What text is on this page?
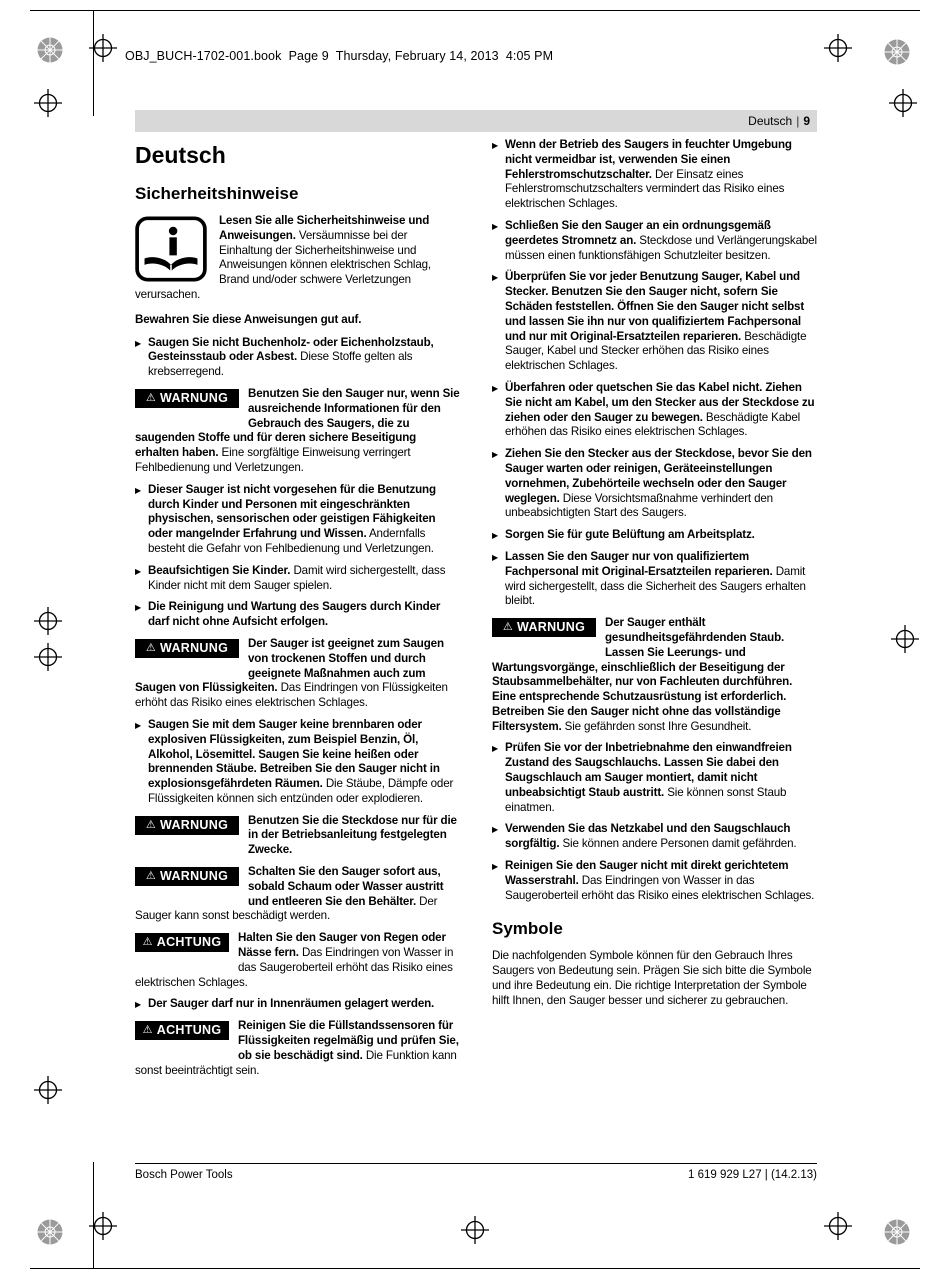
OBJ_BUCH-1702-001.book  Page 9  Thursday, February 14, 2013  4:05 PM
Deutsch | 9
Deutsch
Sicherheitshinweise
Lesen Sie alle Sicherheitshinweise und Anweisungen. Versäumnisse bei der Einhaltung der Sicherheitshinweise und Anweisungen können elektrischen Schlag, Brand und/oder schwere Verletzungen verursachen.
Bewahren Sie diese Anweisungen gut auf.
▶ Saugen Sie nicht Buchenholz- oder Eichenholzstaub, Gesteinsstaub oder Asbest. Diese Stoffe gelten als krebserregend.
⚠ WARNUNG Benutzen Sie den Sauger nur, wenn Sie ausreichende Informationen für den Gebrauch des Saugers, die zu saugenden Stoffe und für deren sichere Beseitigung erhalten haben. Eine sorgfältige Einweisung verringert Fehlbedienung und Verletzungen.
▶ Dieser Sauger ist nicht vorgesehen für die Benutzung durch Kinder und Personen mit eingeschränkten physischen, sensorischen oder geistigen Fähigkeiten oder mangelnder Erfahrung und Wissen. Andernfalls besteht die Gefahr von Fehlbedienung und Verletzungen.
▶ Beaufsichtigen Sie Kinder. Damit wird sichergestellt, dass Kinder nicht mit dem Sauger spielen.
▶ Die Reinigung und Wartung des Saugers durch Kinder darf nicht ohne Aufsicht erfolgen.
⚠ WARNUNG Der Sauger ist geeignet zum Saugen von trockenen Stoffen und durch geeignete Maßnahmen auch zum Saugen von Flüssigkeiten. Das Eindringen von Flüssigkeiten erhöht das Risiko eines elektrischen Schlages.
▶ Saugen Sie mit dem Sauger keine brennbaren oder explosiven Flüssigkeiten, zum Beispiel Benzin, Öl, Alkohol, Lösemittel. Saugen Sie keine heißen oder brennenden Stäube. Betreiben Sie den Sauger nicht in explosionsgefährdeten Räumen. Die Stäube, Dämpfe oder Flüssigkeiten können sich entzünden oder explodieren.
⚠ WARNUNG Benutzen Sie die Steckdose nur für die in der Betriebsanleitung festgelegten Zwecke.
⚠ WARNUNG Schalten Sie den Sauger sofort aus, sobald Schaum oder Wasser austritt und entleeren Sie den Behälter. Der Sauger kann sonst beschädigt werden.
⚠ ACHTUNG Halten Sie den Sauger von Regen oder Nässe fern. Das Eindringen von Wasser in das Saugeroberteil erhöht das Risiko eines elektrischen Schlages.
▶ Der Sauger darf nur in Innenräumen gelagert werden.
⚠ ACHTUNG Reinigen Sie die Füllstandssensoren für Flüssigkeiten regelmäßig und prüfen Sie, ob sie beschädigt sind. Die Funktion kann sonst beeinträchtigt sein.
▶ Wenn der Betrieb des Saugers in feuchter Umgebung nicht vermeidbar ist, verwenden Sie einen Fehlerstromschutzschalter. Der Einsatz eines Fehlerstromschutzschalters vermindert das Risiko eines elektrischen Schlages.
▶ Schließen Sie den Sauger an ein ordnungsgemäß geerdetes Stromnetz an. Steckdose und Verlängerungskabel müssen einen funktionsfähigen Schutzleiter besitzen.
▶ Überprüfen Sie vor jeder Benutzung Sauger, Kabel und Stecker. Benutzen Sie den Sauger nicht, sofern Sie Schäden feststellen. Öffnen Sie den Sauger nicht selbst und lassen Sie ihn nur von qualifiziertem Fachpersonal und nur mit Original-Ersatzteilen reparieren. Beschädigte Sauger, Kabel und Stecker erhöhen das Risiko eines elektrischen Schlages.
▶ Überfahren oder quetschen Sie das Kabel nicht. Ziehen Sie nicht am Kabel, um den Stecker aus der Steckdose zu ziehen oder den Sauger zu bewegen. Beschädigte Kabel erhöhen das Risiko eines elektrischen Schlages.
▶ Ziehen Sie den Stecker aus der Steckdose, bevor Sie den Sauger warten oder reinigen, Geräteeinstellungen vornehmen, Zubehörteile wechseln oder den Sauger weglegen. Diese Vorsichtsmaßnahme verhindert den unbeabsichtigten Start des Saugers.
▶ Sorgen Sie für gute Belüftung am Arbeitsplatz.
▶ Lassen Sie den Sauger nur von qualifiziertem Fachpersonal mit Original-Ersatzteilen reparieren. Damit wird sichergestellt, dass die Sicherheit des Saugers erhalten bleibt.
⚠ WARNUNG Der Sauger enthält gesundheitsgefährdenden Staub. Lassen Sie Leerungs- und Wartungsvorgänge, einschließlich der Beseitigung der Staubsammelbehälter, nur von Fachleuten durchführen. Eine entsprechende Schutzausrüstung ist erforderlich. Betreiben Sie den Sauger nicht ohne das vollständige Filtersystem. Sie gefährden sonst Ihre Gesundheit.
▶ Prüfen Sie vor der Inbetriebnahme den einwandfreien Zustand des Saugschlauchs. Lassen Sie dabei den Saugschlauch am Sauger montiert, damit nicht unbeabsichtigt Staub austritt. Sie können sonst Staub einatmen.
▶ Verwenden Sie das Netzkabel und den Saugschlauch sorgfältig. Sie können andere Personen damit gefährden.
▶ Reinigen Sie den Sauger nicht mit direkt gerichtetem Wasserstrahl. Das Eindringen von Wasser in das Saugeroberteil erhöht das Risiko eines elektrischen Schlages.
Symbole
Die nachfolgenden Symbole können für den Gebrauch Ihres Saugers von Bedeutung sein. Prägen Sie sich bitte die Symbole und ihre Bedeutung ein. Die richtige Interpretation der Symbole hilft Ihnen, den Sauger besser und sicherer zu gebrauchen.
Bosch Power Tools	1 619 929 L27 | (14.2.13)
